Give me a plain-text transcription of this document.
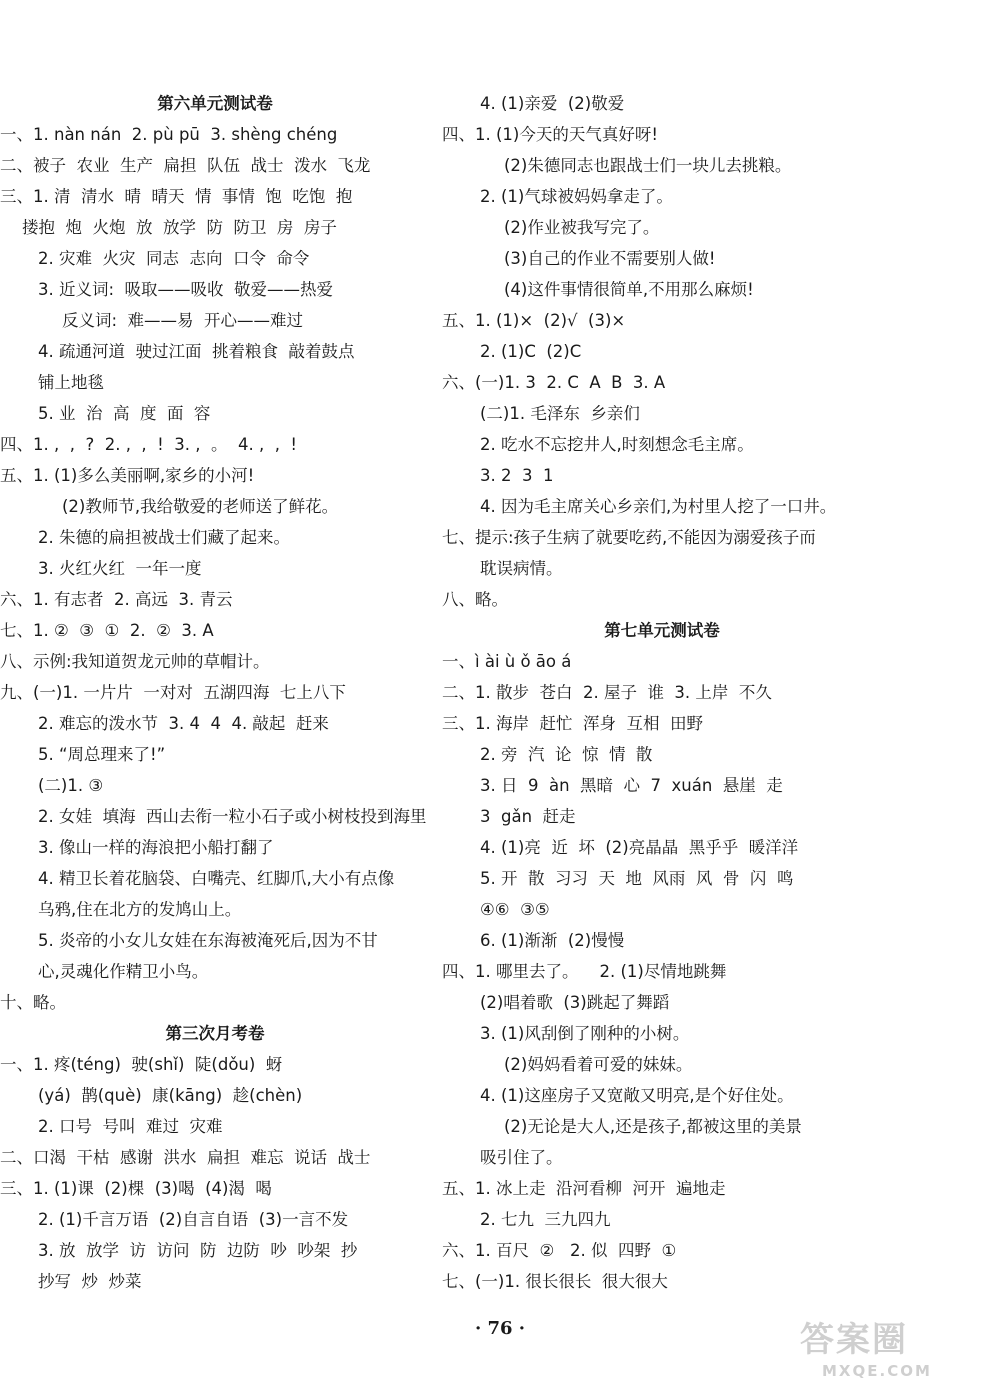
第六单元测试卷
一、1. nàn nán  2. pù pū  3. shèng chéng
二、被子  农业  生产  扁担  队伍  战士  泼水  飞龙
三、1. 清  清水  晴  晴天  情  事情  饱  吃饱  抱
搂抱  炮  火炮  放  放学  防  防卫  房  房子
2. 灾难  火灾  同志  志向  口令  命令
3. 近义词:  吸取——吸收  敬爱——热爱
反义词:  难——易  开心——难过
4. 疏通河道  驶过江面  挑着粮食  敲着鼓点
铺上地毯
5. 业  治  高  度  面  容
四、1. ,  ,  ?  2. ,  ,  !  3. ,  。  4. ,  ,  !
五、1. (1)多么美丽啊,家乡的小河!
(2)教师节,我给敬爱的老师送了鲜花。
2. 朱德的扁担被战士们藏了起来。
3. 火红火红  一年一度
六、1. 有志者  2. 高远  3. 青云
七、1. ②  ③  ①  2.  ②  3. A
八、示例:我知道贺龙元帅的草帽计。
九、(一)1. 一片片  一对对  五湖四海  七上八下
2. 难忘的泼水节  3. 4  4  4. 敲起  赶来
5. “周总理来了!”
(二)1. ③
2. 女娃  填海  西山去衔一粒小石子或小树枝投到海里
3. 像山一样的海浪把小船打翻了
4. 精卫长着花脑袋、白嘴壳、红脚爪,大小有点像
乌鸦,住在北方的发鸠山上。
5. 炎帝的小女儿女娃在东海被淹死后,因为不甘
心,灵魂化作精卫小鸟。
十、略。
第三次月考卷
一、1. 疼(téng)  驶(shǐ)  陡(dǒu)  蚜
(yá)  鹊(què)  康(kāng)  趁(chèn)
2. 口号  号叫  难过  灾难
二、口渴  干枯  感谢  洪水  扁担  难忘  说话  战士
三、1. (1)课  (2)棵  (3)喝  (4)渴  喝
2. (1)千言万语  (2)自言自语  (3)一言不发
3. 放  放学  访  访问  防  边防  吵  吵架  抄
抄写  炒  炒菜
4. (1)亲爱  (2)敬爱
四、1. (1)今天的天气真好呀!
(2)朱德同志也跟战士们一块儿去挑粮。
2. (1)气球被妈妈拿走了。
(2)作业被我写完了。
(3)自己的作业不需要别人做!
(4)这件事情很简单,不用那么麻烦!
五、1. (1)×  (2)√  (3)×
2. (1)C  (2)C
六、(一)1. 3  2. C  A  B  3. A
(二)1. 毛泽东  乡亲们
2. 吃水不忘挖井人,时刻想念毛主席。
3. 2  3  1
4. 因为毛主席关心乡亲们,为村里人挖了一口井。
七、提示:孩子生病了就要吃药,不能因为溺爱孩子而
耽误病情。
八、略。
第七单元测试卷
一、ì ài ù ǒ āo á
二、1. 散步  苍白  2. 屋子  谁  3. 上岸  不久
三、1. 海岸  赶忙  浑身  互相  田野
2. 旁  汽  论  惊  情  散
3. 日  9  àn  黑暗  心  7  xuán  悬崖  走
3  gǎn  赶走
4. (1)亮  近  坏  (2)亮晶晶  黑乎乎  暖洋洋
5. 开  散  习习  天  地  风雨  风  骨  闪  鸣
④⑥  ③⑤
6. (1)渐渐  (2)慢慢
四、1. 哪里去了。    2. (1)尽情地跳舞
(2)唱着歌  (3)跳起了舞蹈
3. (1)风刮倒了刚种的小树。
(2)妈妈看着可爱的妹妹。
4. (1)这座房子又宽敞又明亮,是个好住处。
(2)无论是大人,还是孩子,都被这里的美景
吸引住了。
五、1. 冰上走  沿河看柳  河开  遍地走
2. 七九  三九四九
六、1. 百尺  ②   2. 似  四野  ①
七、(一)1. 很长很长  很大很大
· 76 ·	答案圈
MXQE.COM
